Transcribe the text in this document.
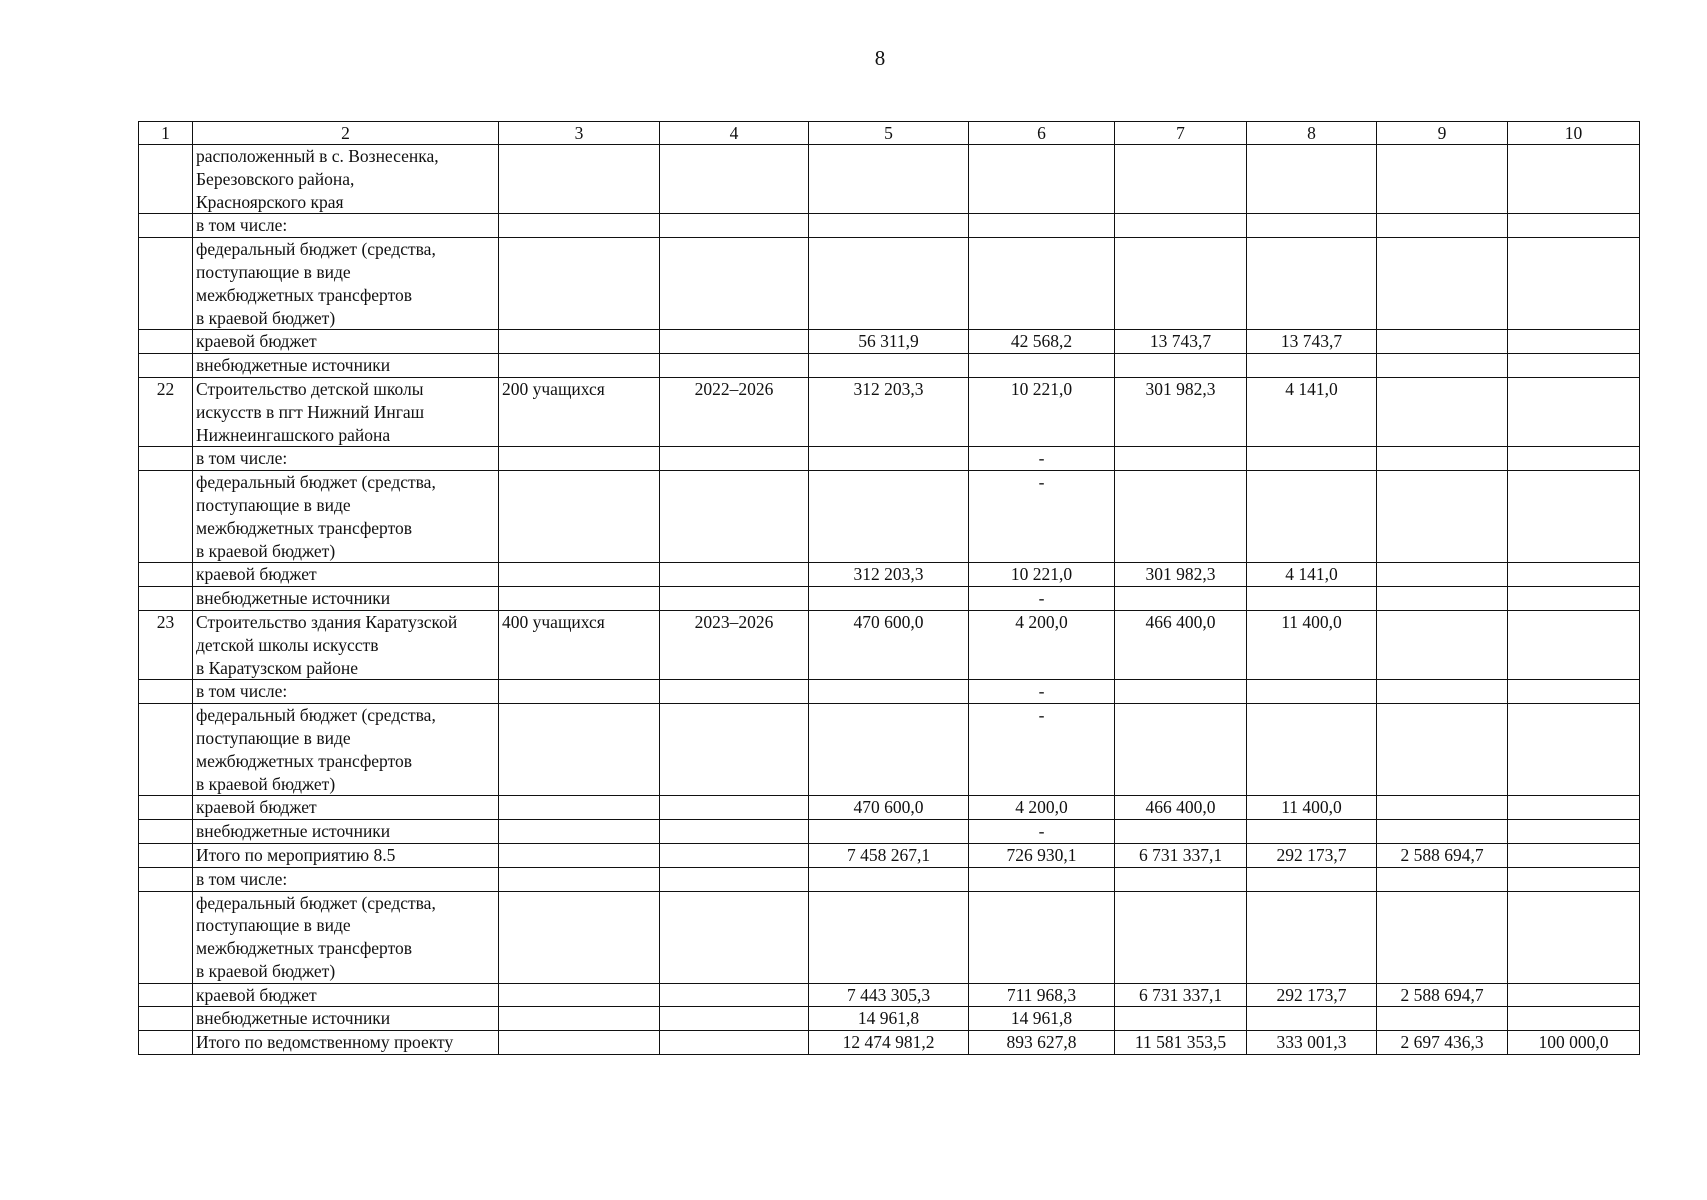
8
1	2	3	4	5	6	7	8	9	10
	расположенный в с. Вознесенка,
Березовского района,
Красноярского края								
	в том числе:								
	федеральный бюджет (средства,
поступающие в виде
межбюджетных трансфертов
в краевой бюджет)								
	краевой бюджет			56 311,9	42 568,2	13 743,7	13 743,7		
	внебюджетные источники								
22	Строительство детской школы
искусств в пгт Нижний Ингаш
Нижнеингашского района	200 учащихся	2022–2026	312 203,3	10 221,0	301 982,3	4 141,0		
	в том числе:				-				
	федеральный бюджет (средства,
поступающие в виде
межбюджетных трансфертов
в краевой бюджет)				-				
	краевой бюджет			312 203,3	10 221,0	301 982,3	4 141,0		
	внебюджетные источники				-				
23	Строительство здания Каратузской
детской школы искусств
в Каратузском районе	400 учащихся	2023–2026	470 600,0	4 200,0	466 400,0	11 400,0		
	в том числе:				-				
	федеральный бюджет (средства,
поступающие в виде
межбюджетных трансфертов
в краевой бюджет)				-				
	краевой бюджет			470 600,0	4 200,0	466 400,0	11 400,0		
	внебюджетные источники				-				
	Итого по мероприятию 8.5			7 458 267,1	726 930,1	6 731 337,1	292 173,7	2 588 694,7	
	в том числе:								
	федеральный бюджет (средства,
поступающие в виде
межбюджетных трансфертов
в краевой бюджет)								
	краевой бюджет			7 443 305,3	711 968,3	6 731 337,1	292 173,7	2 588 694,7	
	внебюджетные источники			14 961,8	14 961,8				
	Итого по ведомственному проекту			12 474 981,2	893 627,8	11 581 353,5	333 001,3	2 697 436,3	100 000,0
